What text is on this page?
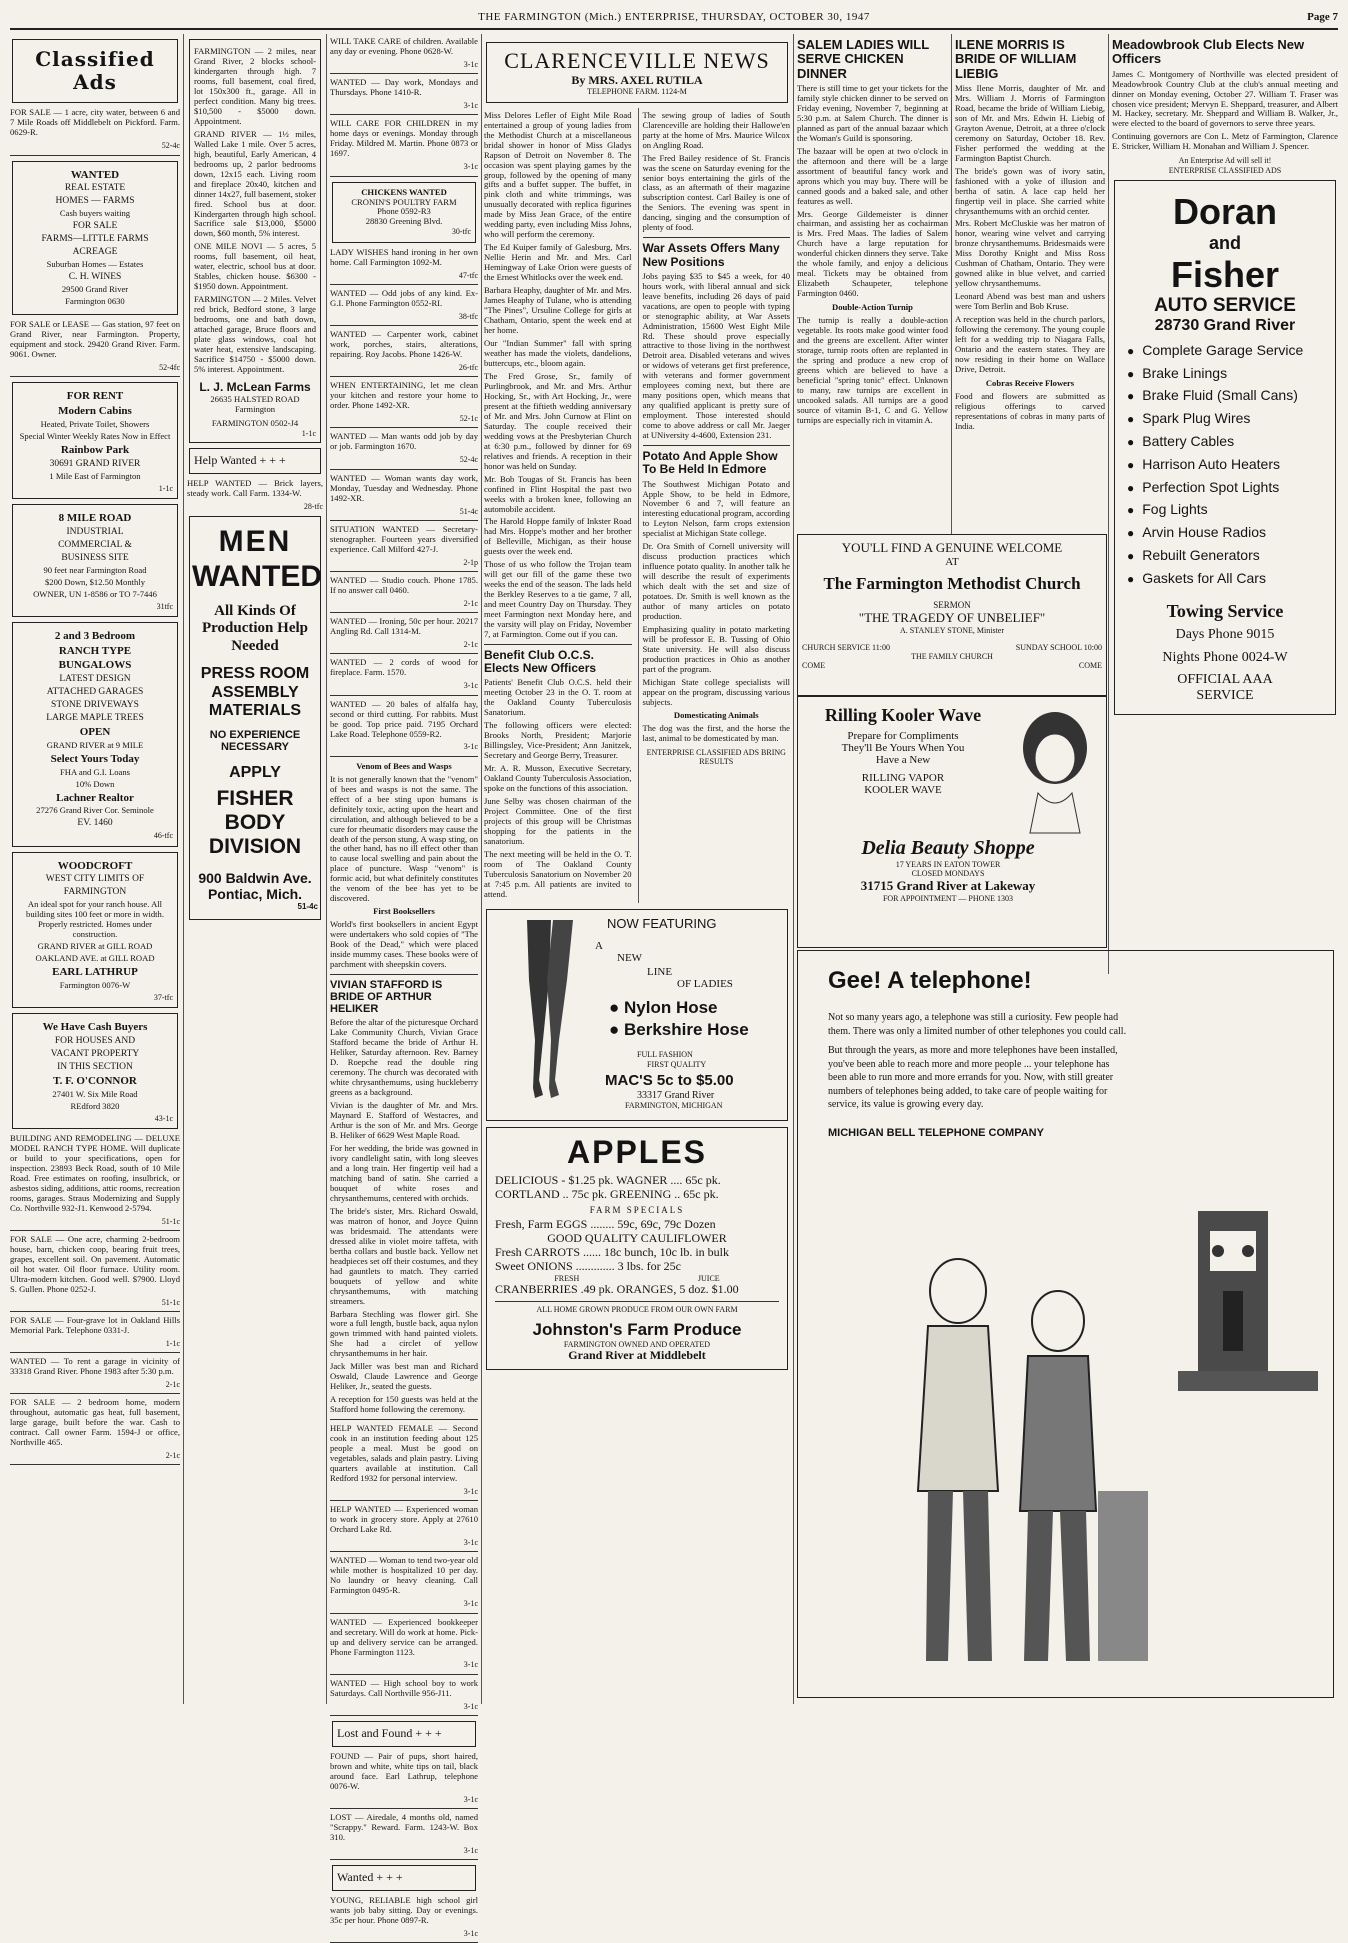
THE FARMINGTON (Mich.) ENTERPRISE, THURSDAY, OCTOBER 30, 1947	Page 7
Classified Ads
FOR SALE — 1 acre, city water, between 6 and 7 Mile Roads off Middlebelt on Pickford. Farm. 0629-R.
52-4c
WANTED
REAL ESTATE
HOMES — FARMS
Cash buyers waiting
FOR SALE
FARMS—LITTLE FARMS
ACREAGE
Suburban Homes — Estates
C. H. WINES
29500 Grand River
Farmington 0630
FOR SALE or LEASE — Gas station, 97 feet on Grand River, near Farmington. Property, equipment and stock. 29420 Grand River. Farm. 9061. Owner.
52-4fc
FOR RENT
Modern Cabins
Heated, Private Toilet, Showers
Special Winter Weekly Rates Now in Effect
Rainbow Park
30691 GRAND RIVER
1 Mile East of Farmington
1-1c
8 MILE ROAD
INDUSTRIAL
COMMERCIAL &
BUSINESS SITE
90 feet near Farmington Road
$200 Down, $12.50 Monthly
OWNER, UN 1-8586 or TO 7-7446
31tfc
2 and 3 Bedroom
RANCH TYPE
BUNGALOWS
LATEST DESIGN
ATTACHED GARAGES
STONE DRIVEWAYS
LARGE MAPLE TREES
OPEN
GRAND RIVER at 9 MILE
Select Yours Today
FHA and G.I. Loans
10% Down
Lachner Realtor
27276 Grand River Cor. Seminole
EV. 1460
46-tfc
WOODCROFT
WEST CITY LIMITS OF
FARMINGTON
An ideal spot for your ranch house. All building sites 100 feet or more in width. Properly restricted. Homes under construction.
GRAND RIVER at GILL ROAD
OAKLAND AVE. at GILL ROAD
EARL LATHRUP
Farmington 0076-W
37-tfc
We Have Cash Buyers
FOR HOUSES AND
VACANT PROPERTY
IN THIS SECTION
T. F. O'CONNOR
27401 W. Six Mile Road
REdford 3820
43-1c
BUILDING AND REMODELING — DELUXE MODEL RANCH TYPE HOME. Will duplicate or build to your specifications, open for inspection. 23893 Beck Road, south of 10 Mile Road. Free estimates on roofing, insulbrick, or asbestos siding, additions, attic rooms, recreation rooms, garages. Straus Modernizing and Supply Co. Northville 932-J1. Kenwood 2-5794.
51-1c
FOR SALE — One acre, charming 2-bedroom house, barn, chicken coop, bearing fruit trees, grapes, excellent soil. On pavement. Automatic oil hot water. Oil floor furnace. Utility room. Ultra-modern kitchen. Good well. $7900. Lloyd S. Gullen. Phone 0252-J.
51-1c
FOR SALE — Four-grave lot in Oakland Hills Memorial Park. Telephone 0331-J.
1-1c
WANTED — To rent a garage in vicinity of 33318 Grand River. Phone 1983 after 5:30 p.m.
2-1c
FOR SALE — 2 bedroom home, modern throughout, automatic gas heat, full basement, large garage, built before the war. Cash to contract. Call owner Farm. 1594-J or office, Northville 465.
2-1c
FARMINGTON — 2 miles, near Grand River, 2 blocks school-kindergarten through high. 7 rooms, full basement, coal fired, lot 150x300 ft., garage. All in perfect condition. Many big trees. $10,500 - $5000 down. Appointment.
GRAND RIVER — 1½ miles, Walled Lake 1 mile. Over 5 acres, high, beautiful, Early American, 4 bedrooms up, 2 parlor bedrooms down, 12x15 each. Living room and fireplace 20x40, kitchen and dinner 14x27, full basement, stoker fired. School bus at door. Kindergarten through high school. Sacrifice sale $13,000, $5000 down, $60 month, 5% interest.
ONE MILE NOVI — 5 acres, 5 rooms, full basement, oil heat, water, electric, school bus at door. Stables, chicken house. $6300 - $1950 down. Appointment.
FARMINGTON — 2 Miles. Velvet red brick, Bedford stone, 3 large bedrooms, one and bath down, attached garage, Bruce floors and plate glass windows, coal hot water heat, extensive landscaping. Sacrifice $14750 - $5000 down. 5% interest. Appointment.
L. J. McLean Farms
26635 HALSTED ROAD
Farmington
FARMINGTON 0502-J4
1-1c
Help Wanted + + +
HELP WANTED — Brick layers, steady work. Call Farm. 1334-W.
28-tfc
MEN
WANTED
All Kinds Of
Production Help
Needed
PRESS ROOM
ASSEMBLY
MATERIALS
NO EXPERIENCE
NECESSARY
APPLY
FISHER BODY
DIVISION
900 Baldwin Ave.
Pontiac, Mich.
51-4c
WILL TAKE CARE of children. Available any day or evening. Phone 0628-W.
3-1c
WANTED — Day work, Mondays and Thursdays. Phone 1410-R.
3-1c
WILL CARE FOR CHILDREN in my home days or evenings. Monday through Friday. Mildred M. Martin. Phone 0873 or 1697.
3-1c
CHICKENS WANTED
CRONIN'S POULTRY FARM
Phone 0592-R3
28830 Greening Blvd.
30-tfc
LADY WISHES hand ironing in her own home. Call Farmington 1092-M.
47-tfc
WANTED — Odd jobs of any kind. Ex-G.I. Phone Farmington 0552-RI.
38-tfc
WANTED — Carpenter work, cabinet work, porches, stairs, alterations, repairing. Roy Jacobs. Phone 1426-W.
26-tfc
WHEN ENTERTAINING, let me clean your kitchen and restore your home to order. Phone 1492-XR.
52-1c
WANTED — Man wants odd job by day or job. Farmington 1670.
52-4c
WANTED — Woman wants day work, Monday, Tuesday and Wednesday. Phone 1492-XR.
51-4c
SITUATION WANTED — Secretary-stenographer. Fourteen years diversified experience. Call Milford 427-J.
2-1p
WANTED — Studio couch. Phone 1785. If no answer call 0460.
2-1c
WANTED — Ironing, 50c per hour. 20217 Angling Rd. Call 1314-M.
2-1c
WANTED — 2 cords of wood for fireplace. Farm. 1570.
3-1c
WANTED — 20 bales of alfalfa hay, second or third cutting. For rabbits. Must be good. Top price paid. 7195 Orchard Lake Road. Telephone 0559-R2.
3-1c
Venom of Bees and Wasps
It is not generally known that the "venom" of bees and wasps is not the same. The effect of a bee sting upon humans is definitely toxic, acting upon the heart and circulation, and although believed to be a cure for rheumatic disorders may cause the death of the person stung. A wasp sting, on the other hand, has no ill effect other than to cause local swelling and pain about the place of puncture. Wasp "venom" is formic acid, but what definitely constitutes the venom of the bee has yet to be discovered.
First Booksellers
World's first booksellers in ancient Egypt were undertakers who sold copies of "The Book of the Dead," which were placed inside mummy cases. These books were of parchment with sheepskin covers.
VIVIAN STAFFORD IS BRIDE OF ARTHUR HELIKER
Before the altar of the picturesque Orchard Lake Community Church, Vivian Grace Stafford became the bride of Arthur H. Heliker, Saturday afternoon. Rev. Barney D. Roepche read the double ring ceremony. The church was decorated with white chrysanthemums, using huckleberry greens as a background.
Vivian is the daughter of Mr. and Mrs. Maynard E. Stafford of Westacres, and Arthur is the son of Mr. and Mrs. George B. Heliker of 6629 West Maple Road.
For her wedding, the bride was gowned in ivory candlelight satin, with long sleeves and a long train. Her fingertip veil had a matching band of satin. She carried a bouquet of white roses and chrysanthemums, centered with orchids.
The bride's sister, Mrs. Richard Oswald, was matron of honor, and Joyce Quinn was bridesmaid. The attendants were dressed alike in violet moire taffeta, with bertha collars and bustle back. Yellow net headpieces set off their costumes, and they had gauntlets to match. They carried bouquets of yellow and white chrysanthemums, with matching streamers.
Barbara Stechling was flower girl. She wore a full length, bustle back, aqua nylon gown trimmed with hand painted violets. She had a circlet of yellow chrysanthemums in her hair.
Jack Miller was best man and Richard Oswald, Claude Lawrence and George Heliker, Jr., seated the guests.
A reception for 150 guests was held at the Stafford home following the ceremony.
HELP WANTED FEMALE — Second cook in an institution feeding about 125 people a meal. Must be good on vegetables, salads and plain pastry. Living quarters available at institution. Call Redford 1932 for personal interview.
3-1c
HELP WANTED — Experienced woman to work in grocery store. Apply at 27610 Orchard Lake Rd.
3-1c
WANTED — Woman to tend two-year old while mother is hospitalized 10 per day. No laundry or heavy cleaning. Call Farmington 0495-R.
3-1c
WANTED — Experienced bookkeeper and secretary. Will do work at home. Pick-up and delivery service can be arranged. Phone Farmington 1123.
3-1c
WANTED — High school boy to work Saturdays. Call Northville 956-J11.
3-1c
Lost and Found + + +
FOUND — Pair of pups, short haired, brown and white, white tips on tail, black around face. Earl Lathrup, telephone 0076-W.
3-1c
LOST — Airedale, 4 months old, named "Scrappy." Reward. Farm. 1243-W. Box 310.
3-1c
Wanted + + +
YOUNG, RELIABLE high school girl wants job baby sitting. Day or evenings. 35c per hour. Phone 0897-R.
3-1c
CLARENCEVILLE NEWS
By MRS. AXEL RUTILA
TELEPHONE FARM. 1124-M
Miss Delores Lefler of Eight Mile Road entertained a group of young ladies from the Methodist Church at a miscellaneous bridal shower in honor of Miss Gladys Rapson of Detroit on November 8. The occasion was spent playing games by the group, followed by the opening of many gifts and a buffet supper. The buffet, in pink cloth and white trimmings, was unusually decorated with replica figurines made by Miss Jean Grace, of the entire wedding party, even including Miss Johns, who will perform the ceremony.
The Ed Kuiper family of Galesburg, Mrs. Nellie Herin and Mr. and Mrs. Carl Hemingway of Lake Orion were guests of the Ernest Whitlocks over the week end.
Barbara Heaphy, daughter of Mr. and Mrs. James Heaphy of Tulane, who is attending "The Pines", Ursuline College for girls at Chatham, Ontario, spent the week end at her home.
Our "Indian Summer" fall with spring weather has made the violets, dandelions, buttercups, etc., bloom again.
The Fred Grose, Sr., family of Purlingbrook, and Mr. and Mrs. Arthur Hocking, Sr., with Art Hocking, Jr., were present at the fiftieth wedding anniversary of Mr. and Mrs. John Curnow at Flint on Saturday. The couple received their wedding vows at the Presbyterian Church at 6:30 p.m., followed by dinner for 69 relatives and friends. A reception in their honor was held on Sunday.
Mr. Bob Tougas of St. Francis has been confined in Flint Hospital the past two weeks with a broken knee, following an automobile accident.
The Harold Hoppe family of Inkster Road had Mrs. Hoppe's mother and her brother of Belleville, Michigan, as their house guests over the week end.
Those of us who follow the Trojan team will get our fill of the game these two weeks the end of the season. The lads held the Berkley Reserves to a tie game, 7 all, and meet Country Day on Thursday. They meet Farmington next Monday here, and the varsity will play on Friday, November 7, at Farmington. Come out if you can.
Benefit Club O.C.S. Elects New Officers
Patients' Benefit Club O.C.S. held their meeting October 23 in the O. T. room at the Oakland County Tuberculosis Sanatorium.
The following officers were elected: Brooks North, President; Marjorie Billingsley, Vice-President; Ann Janitzek, Secretary and George Berry, Treasurer.
Mr. A. R. Musson, Executive Secretary, Oakland County Tuberculosis Association, spoke on the functions of this association.
June Selby was chosen chairman of the Project Committee. One of the first projects of this group will be Christmas shopping for the patients in the sanatorium.
The next meeting will be held in the O. T. room of The Oakland County Tuberculosis Sanatorium on November 20 at 7:45 p.m. All patients are invited to attend.
The sewing group of ladies of South Clarenceville are holding their Hallowe'en party at the home of Mrs. Maurice Wilcox on Angling Road.
The Fred Bailey residence of St. Francis was the scene on Saturday evening for the senior boys entertaining the girls of the class, as an aftermath of their magazine subscription contest. Carl Bailey is one of the Seniors. The evening was spent in dancing, singing and the consumption of plenty of food.
War Assets Offers Many New Positions
Jobs paying $35 to $45 a week, for 40 hours work, with liberal annual and sick leave benefits, including 26 days of paid vacations, are open to people with typing or stenographic ability, at War Assets Administration, 15600 West Eight Mile Rd. These should prove especially attractive to those living in the northwest Detroit area. Disabled veterans and wives or widows of veterans get first preference, with veterans and former government employees coming next, but there are many positions open, which means that any qualified applicant is pretty sure of employment. Those interested should come to above address or call Mr. Jaeger at UNiversity 4-4600, Extension 231.
Potato And Apple Show To Be Held In Edmore
The Southwest Michigan Potato and Apple Show, to be held in Edmore, November 6 and 7, will feature an interesting educational program, according to Leyton Nelson, farm crops extension specialist at Michigan State college.
Dr. Ora Smith of Cornell university will discuss production practices which influence potato quality. In another talk he will describe the result of experiments which dealt with the set and size of potatoes. Dr. Smith is well known as the author of many articles on potato production.
Emphasizing quality in potato marketing will be professor E. B. Tussing of Ohio State university. He will also discuss production practices in Ohio as another part of the program.
Michigan State college specialists will appear on the program, discussing various subjects.
Domesticating Animals
The dog was the first, and the horse the last, animal to be domesticated by man.
ENTERPRISE CLASSIFIED ADS BRING RESULTS
NOW FEATURING
A
NEW
LINE
OF LADIES
● Nylon Hose
● Berkshire Hose
FULL FASHION
FIRST QUALITY
MAC'S 5c to $5.00
33317 Grand River
FARMINGTON, MICHIGAN
APPLES
DELICIOUS - $1.25 pk. WAGNER .... 65c pk.
CORTLAND .. 75c pk. GREENING .. 65c pk.
FARM SPECIALS
Fresh, Farm EGGS ........ 59c, 69c, 79c Dozen
GOOD QUALITY CAULIFLOWER
Fresh CARROTS ...... 18c bunch, 10c lb. in bulk
Sweet ONIONS ............. 3 lbs. for 25c
FRESH	JUICE
CRANBERRIES .49 pk. ORANGES, 5 doz. $1.00
ALL HOME GROWN PRODUCE FROM OUR OWN FARM
Johnston's Farm Produce
FARMINGTON OWNED AND OPERATED
Grand River at Middlebelt
SALEM LADIES WILL SERVE CHICKEN DINNER
There is still time to get your tickets for the family style chicken dinner to be served on Friday evening, November 7, beginning at 5:30 p.m. at Salem Church. The dinner is planned as part of the annual bazaar which the Woman's Guild is sponsoring.
The bazaar will be open at two o'clock in the afternoon and there will be a large assortment of beautiful fancy work and aprons which you may buy. There will be canned goods and a baked sale, and other features as well.
Mrs. George Gildemeister is dinner chairman, and assisting her as cochairman is Mrs. Fred Maas. The ladies of Salem Church have a large reputation for wonderful chicken dinners they serve. Take the whole family, and enjoy a delicious meal. Tickets may be obtained from Elizabeth Schaupeter, telephone Farmington 0460.
Double-Action Turnip
The turnip is really a double-action vegetable. Its roots make good winter food and the greens are excellent. After winter storage, turnip roots often are replanted in the spring and produce a new crop of greens which are believed to have a beneficial "spring tonic" effect. Unknown to many, raw turnips are excellent in uncooked salads. All turnips are a good source of vitamin B-1, C and G. Yellow turnips are especially rich in vitamin A.
ILENE MORRIS IS BRIDE OF WILLIAM LIEBIG
Miss Ilene Morris, daughter of Mr. and Mrs. William J. Morris of Farmington Road, became the bride of William Liebig, son of Mr. and Mrs. Edwin H. Liebig of Grayton Avenue, Detroit, at a three o'clock ceremony on Saturday, October 18. Rev. Fisher performed the wedding at the Farmington Baptist Church.
The bride's gown was of ivory satin, fashioned with a yoke of illusion and bertha of satin. A lace cap held her fingertip veil in place. She carried white chrysanthemums with an orchid center.
Mrs. Robert McCluskie was her matron of honor, wearing wine velvet and carrying bronze chrysanthemums. Bridesmaids were Miss Dorothy Knight and Miss Ross Cushman of Chatham, Ontario. They were gowned alike in blue velvet, and carried yellow chrysanthemums.
Leonard Abend was best man and ushers were Tom Berlin and Bob Kruse.
A reception was held in the church parlors, following the ceremony. The young couple left for a wedding trip to Niagara Falls, Ontario and the eastern states. They are now residing in their home on Wallace Drive, Detroit.
Cobras Receive Flowers
Food and flowers are submitted as religious offerings to carved representations of cobras in many parts of India.
Meadowbrook Club Elects New Officers
James C. Montgomery of Northville was elected president of Meadowbrook Country Club at the club's annual meeting and dinner on Monday evening, October 27. William T. Fraser was chosen vice president; Mervyn E. Sheppard, treasurer, and Albert M. Hackey, secretary. Mr. Sheppard and William B. Walker, Jr., were elected to the board of governors to serve three years.
Continuing governors are Con L. Metz of Farmington, Clarence E. Stricker, William H. Monahan and William J. Spencer.
An Enterprise Ad will sell it!
ENTERPRISE CLASSIFIED ADS
Doran
and
Fisher
AUTO SERVICE
28730 Grand River
● Complete Garage Service
● Brake Linings
● Brake Fluid (Small Cans)
● Spark Plug Wires
● Battery Cables
● Harrison Auto Heaters
● Perfection Spot Lights
● Fog Lights
● Arvin House Radios
● Rebuilt Generators
● Gaskets for All Cars
Towing Service
Days Phone 9015
Nights Phone 0024-W
OFFICIAL AAA
SERVICE
YOU'LL FIND A GENUINE WELCOME
AT
The Farmington Methodist Church
SERMON
"THE TRAGEDY OF UNBELIEF"
A. STANLEY STONE, Minister
CHURCH SERVICE 11:00	SUNDAY SCHOOL 10:00
THE FAMILY CHURCH
COME	COME
Rilling Kooler Wave
Prepare for Compliments
They'll Be Yours When You
Have a New
RILLING VAPOR
KOOLER WAVE
Delia Beauty Shoppe
17 YEARS IN EATON TOWER
CLOSED MONDAYS
31715 Grand River at Lakeway
FOR APPOINTMENT — PHONE 1303
Gee! A telephone!
Not so many years ago, a telephone was still a curiosity. Few people had them. There was only a limited number of other telephones you could call.
But through the years, as more and more telephones have been installed, you've been able to reach more and more people ... your telephone has been able to run more and more errands for you. Now, with still greater numbers of telephones being added, to take care of people waiting for service, its value is growing every day.
MICHIGAN BELL TELEPHONE COMPANY
